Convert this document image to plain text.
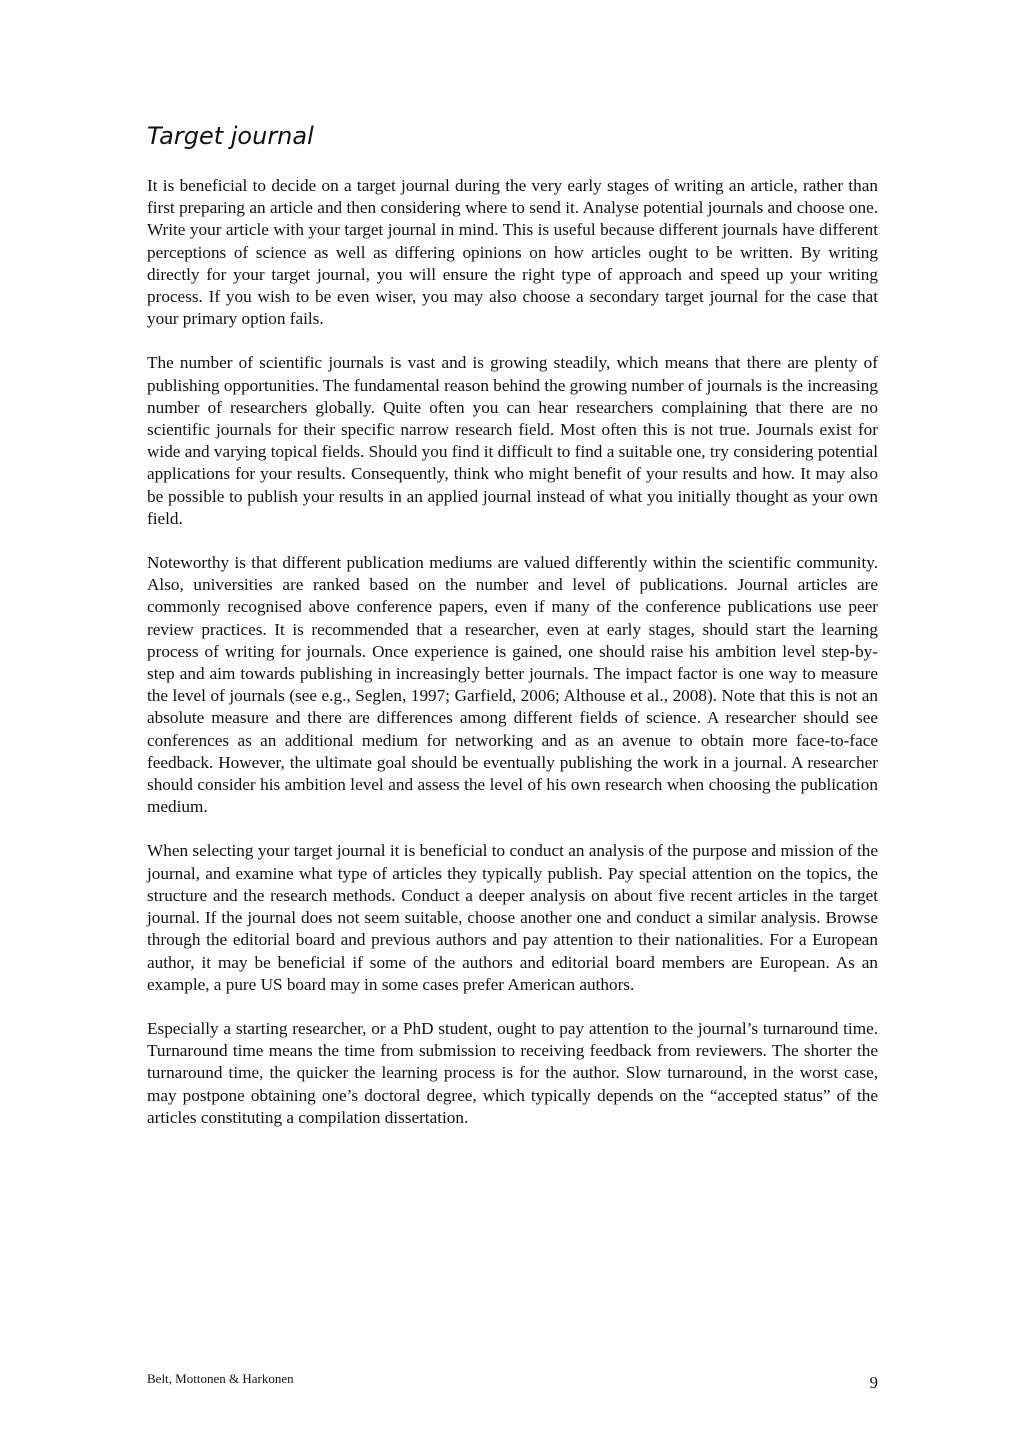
Target journal

It is beneficial to decide on a target journal during the very early stages of writing an article, rather than first preparing an article and then considering where to send it. Analyse potential journals and choose one. Write your article with your target journal in mind. This is useful because different journals have different perceptions of science as well as differing opinions on how articles ought to be written. By writing directly for your target journal, you will ensure the right type of approach and speed up your writing process. If you wish to be even wiser, you may also choose a secondary target journal for the case that your primary option fails.

The number of scientific journals is vast and is growing steadily, which means that there are plenty of publishing opportunities. The fundamental reason behind the growing number of journals is the increasing number of researchers globally. Quite often you can hear researchers complaining that there are no scientific journals for their specific narrow research field. Most often this is not true. Journals exist for wide and varying topical fields. Should you find it difficult to find a suitable one, try considering potential applications for your results. Consequently, think who might benefit of your results and how. It may also be possible to publish your results in an applied journal instead of what you initially thought as your own field.

Noteworthy is that different publication mediums are valued differently within the scientific community. Also, universities are ranked based on the number and level of publications. Journal articles are commonly recognised above conference papers, even if many of the conference publications use peer review practices. It is recommended that a researcher, even at early stages, should start the learning process of writing for journals. Once experience is gained, one should raise his ambition level step-by-step and aim towards publishing in increasingly better journals. The impact factor is one way to measure the level of journals (see e.g., Seglen, 1997; Garfield, 2006; Althouse et al., 2008). Note that this is not an absolute measure and there are differences among different fields of science. A researcher should see conferences as an additional medium for networking and as an avenue to obtain more face-to-face feedback. However, the ultimate goal should be eventually publishing the work in a journal. A researcher should consider his ambition level and assess the level of his own research when choosing the publication medium.

When selecting your target journal it is beneficial to conduct an analysis of the purpose and mission of the journal, and examine what type of articles they typically publish. Pay special attention on the topics, the structure and the research methods. Conduct a deeper analysis on about five recent articles in the target journal. If the journal does not seem suitable, choose another one and conduct a similar analysis. Browse through the editorial board and previous authors and pay attention to their nationalities. For a European author, it may be beneficial if some of the authors and editorial board members are European. As an example, a pure US board may in some cases prefer American authors.

Especially a starting researcher, or a PhD student, ought to pay attention to the journal’s turnaround time. Turnaround time means the time from submission to receiving feedback from reviewers. The shorter the turnaround time, the quicker the learning process is for the author. Slow turnaround, in the worst case, may postpone obtaining one’s doctoral degree, which typically depends on the “accepted status” of the articles constituting a compilation dissertation.

Belt, Mottonen & Harkonen	9
